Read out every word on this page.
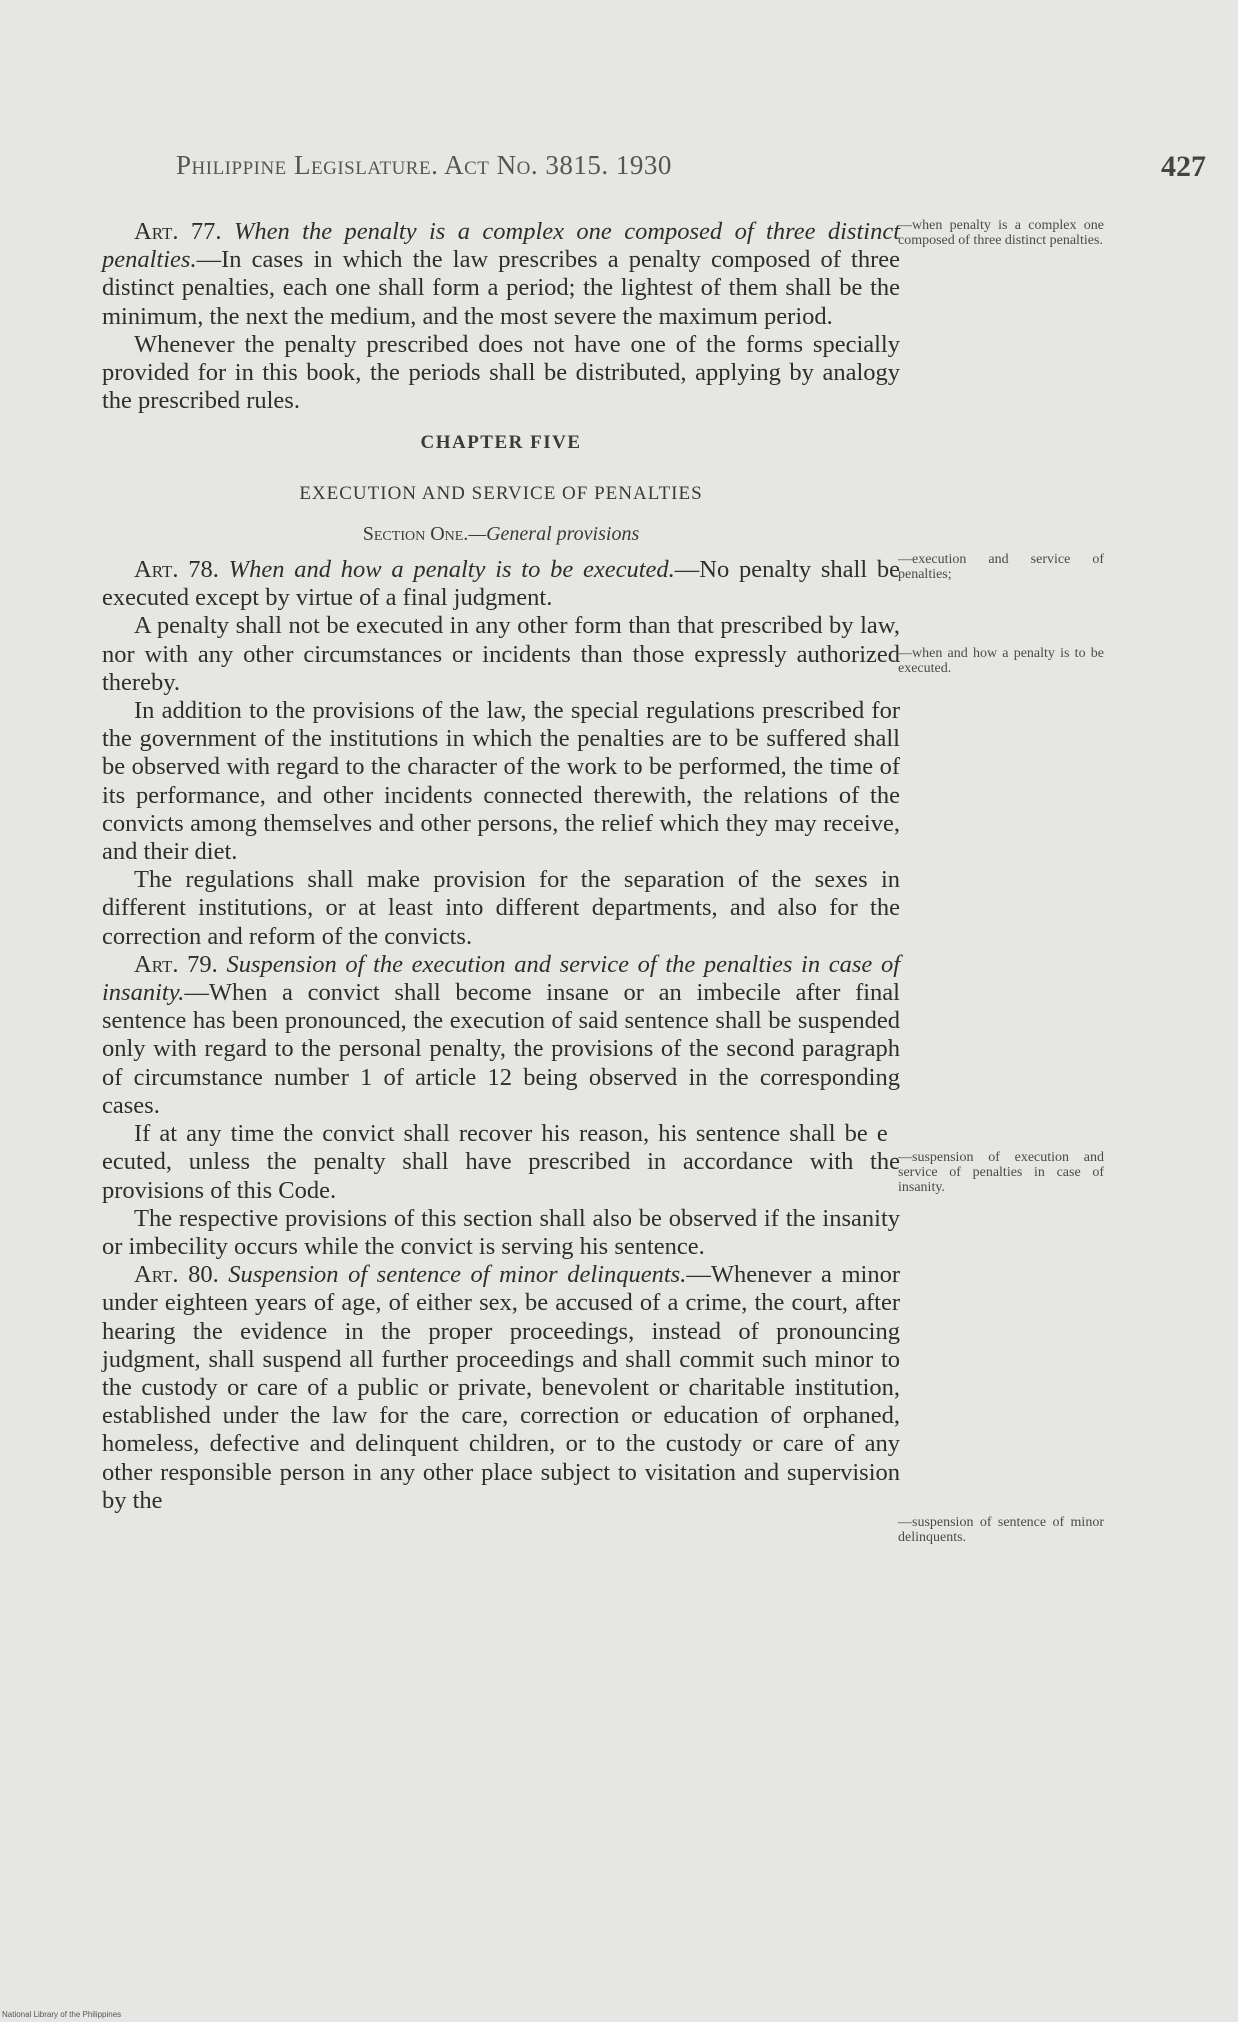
Philippine Legislature. Act No. 3815. 1930	427

Art. 77. When the penalty is a complex one composed of three distinct penalties.—In cases in which the law prescribes a penalty composed of three distinct penalties, each one shall form a period; the lightest of them shall be the minimum, the next the medium, and the most severe the maximum period.

Whenever the penalty prescribed does not have one of the forms specially provided for in this book, the periods shall be distributed, applying by analogy the prescribed rules.

CHAPTER FIVE
EXECUTION AND SERVICE OF PENALTIES
Section One.—General provisions

Art. 78. When and how a penalty is to be executed.—No penalty shall be executed except by virtue of a final judgment.

A penalty shall not be executed in any other form than that prescribed by law, nor with any other circumstances or incidents than those expressly authorized thereby.

In addition to the provisions of the law, the special regulations prescribed for the government of the institutions in which the penalties are to be suffered shall be observed with regard to the character of the work to be performed, the time of its performance, and other incidents connected therewith, the relations of the convicts among themselves and other persons, the relief which they may receive, and their diet.

The regulations shall make provision for the separation of the sexes in different institutions, or at least into different departments, and also for the correction and reform of the convicts.

Art. 79. Suspension of the execution and service of the penalties in case of insanity.—When a convict shall become insane or an imbecile after final sentence has been pronounced, the execution of said sentence shall be suspended only with regard to the personal penalty, the provisions of the second paragraph of circumstance number 1 of article 12 being observed in the corresponding cases.

If at any time the convict shall recover his reason, his sentence shall be e ecuted, unless the penalty shall have prescribed in accordance with the provisions of this Code.

The respective provisions of this section shall also be observed if the insanity or imbecility occurs while the convict is serving his sentence.

Art. 80. Suspension of sentence of minor delinquents.—Whenever a minor under eighteen years of age, of either sex, be accused of a crime, the court, after hearing the evidence in the proper proceedings, instead of pronouncing judgment, shall suspend all further proceedings and shall commit such minor to the custody or care of a public or private, benevolent or charitable institution, established under the law for the care, correction or education of orphaned, homeless, defective and delinquent children, or to the custody or care of any other responsible person in any other place subject to visitation and supervision by the

—when penalty is a complex one composed of three distinct penalties.
—execution and service of penalties;
—when and how a penalty is to be executed.
—suspension of execution and service of penalties in case of insanity.
—suspension of sentence of minor delinquents.
National Library of the Philippines
